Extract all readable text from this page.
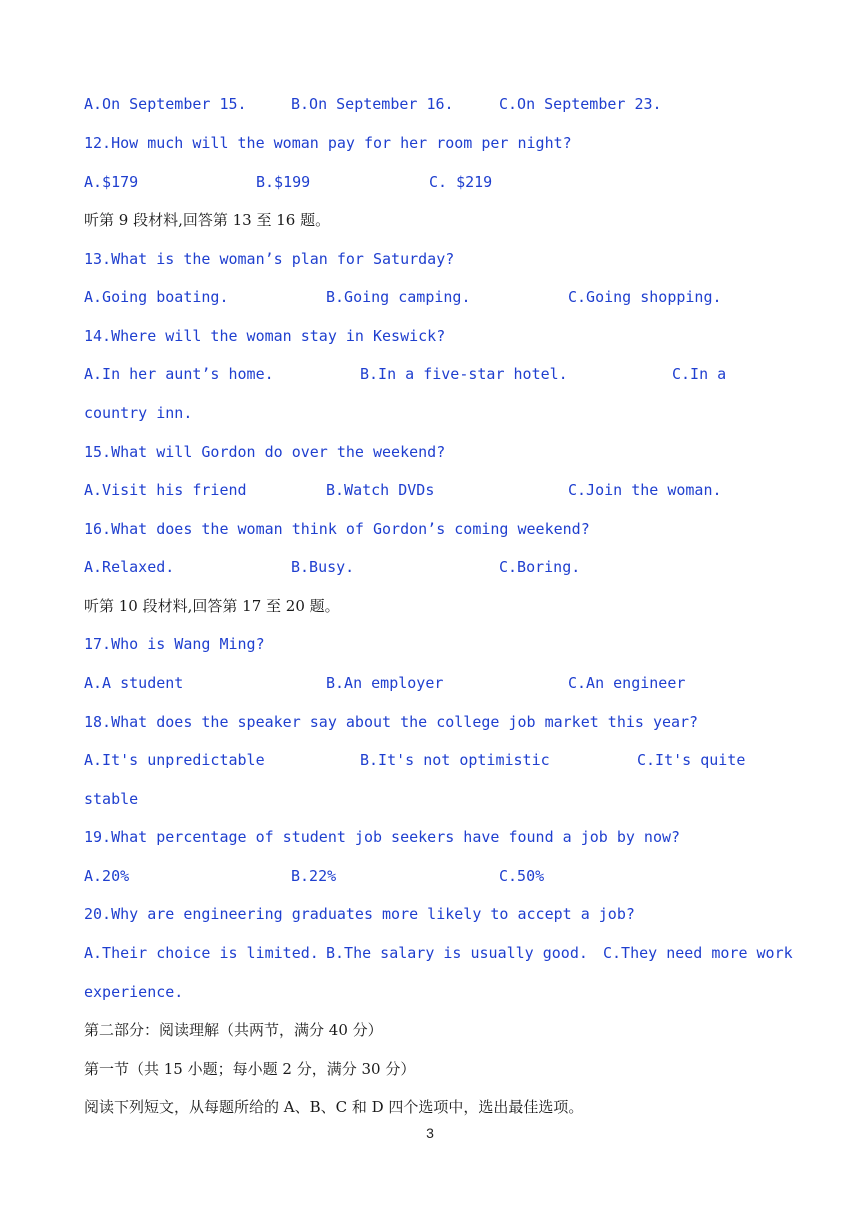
A.On September 15.	B.On September 16.	C.On September 23.
12.How much will the woman pay for her room per night?
A.$179	B.$199	C. $219
听第 9 段材料,回答第 13 至 16 题。
13.What is the woman’s plan for Saturday?
A.Going boating.	B.Going camping.	C.Going shopping.
14.Where will the woman stay in Keswick?
A.In her aunt’s home.	B.In a five-star hotel.	C.In a
country inn.
15.What will Gordon do over the weekend?
A.Visit his friend	B.Watch DVDs	C.Join the woman.
16.What does the woman think of Gordon’s coming weekend?
A.Relaxed.	B.Busy.	C.Boring.
听第 10 段材料,回答第 17 至 20 题。
17.Who is Wang Ming?
A.A student	B.An employer	C.An engineer
18.What does the speaker say about the college job market this year?
A.It's unpredictable	B.It's not optimistic	C.It's quite
stable
19.What percentage of student job seekers have found a job by now?
A.20%	B.22%	C.50%
20.Why are engineering graduates more likely to accept a job?
A.Their choice is limited. B.The salary is usually good. C.They need more work
experience.
第二部分：阅读理解（共两节，满分 40 分）
第一节（共 15 小题；每小题 2 分，满分 30 分）
阅读下列短文，从每题所给的 A、B、C 和 D 四个选项中，选出最佳选项。
3
